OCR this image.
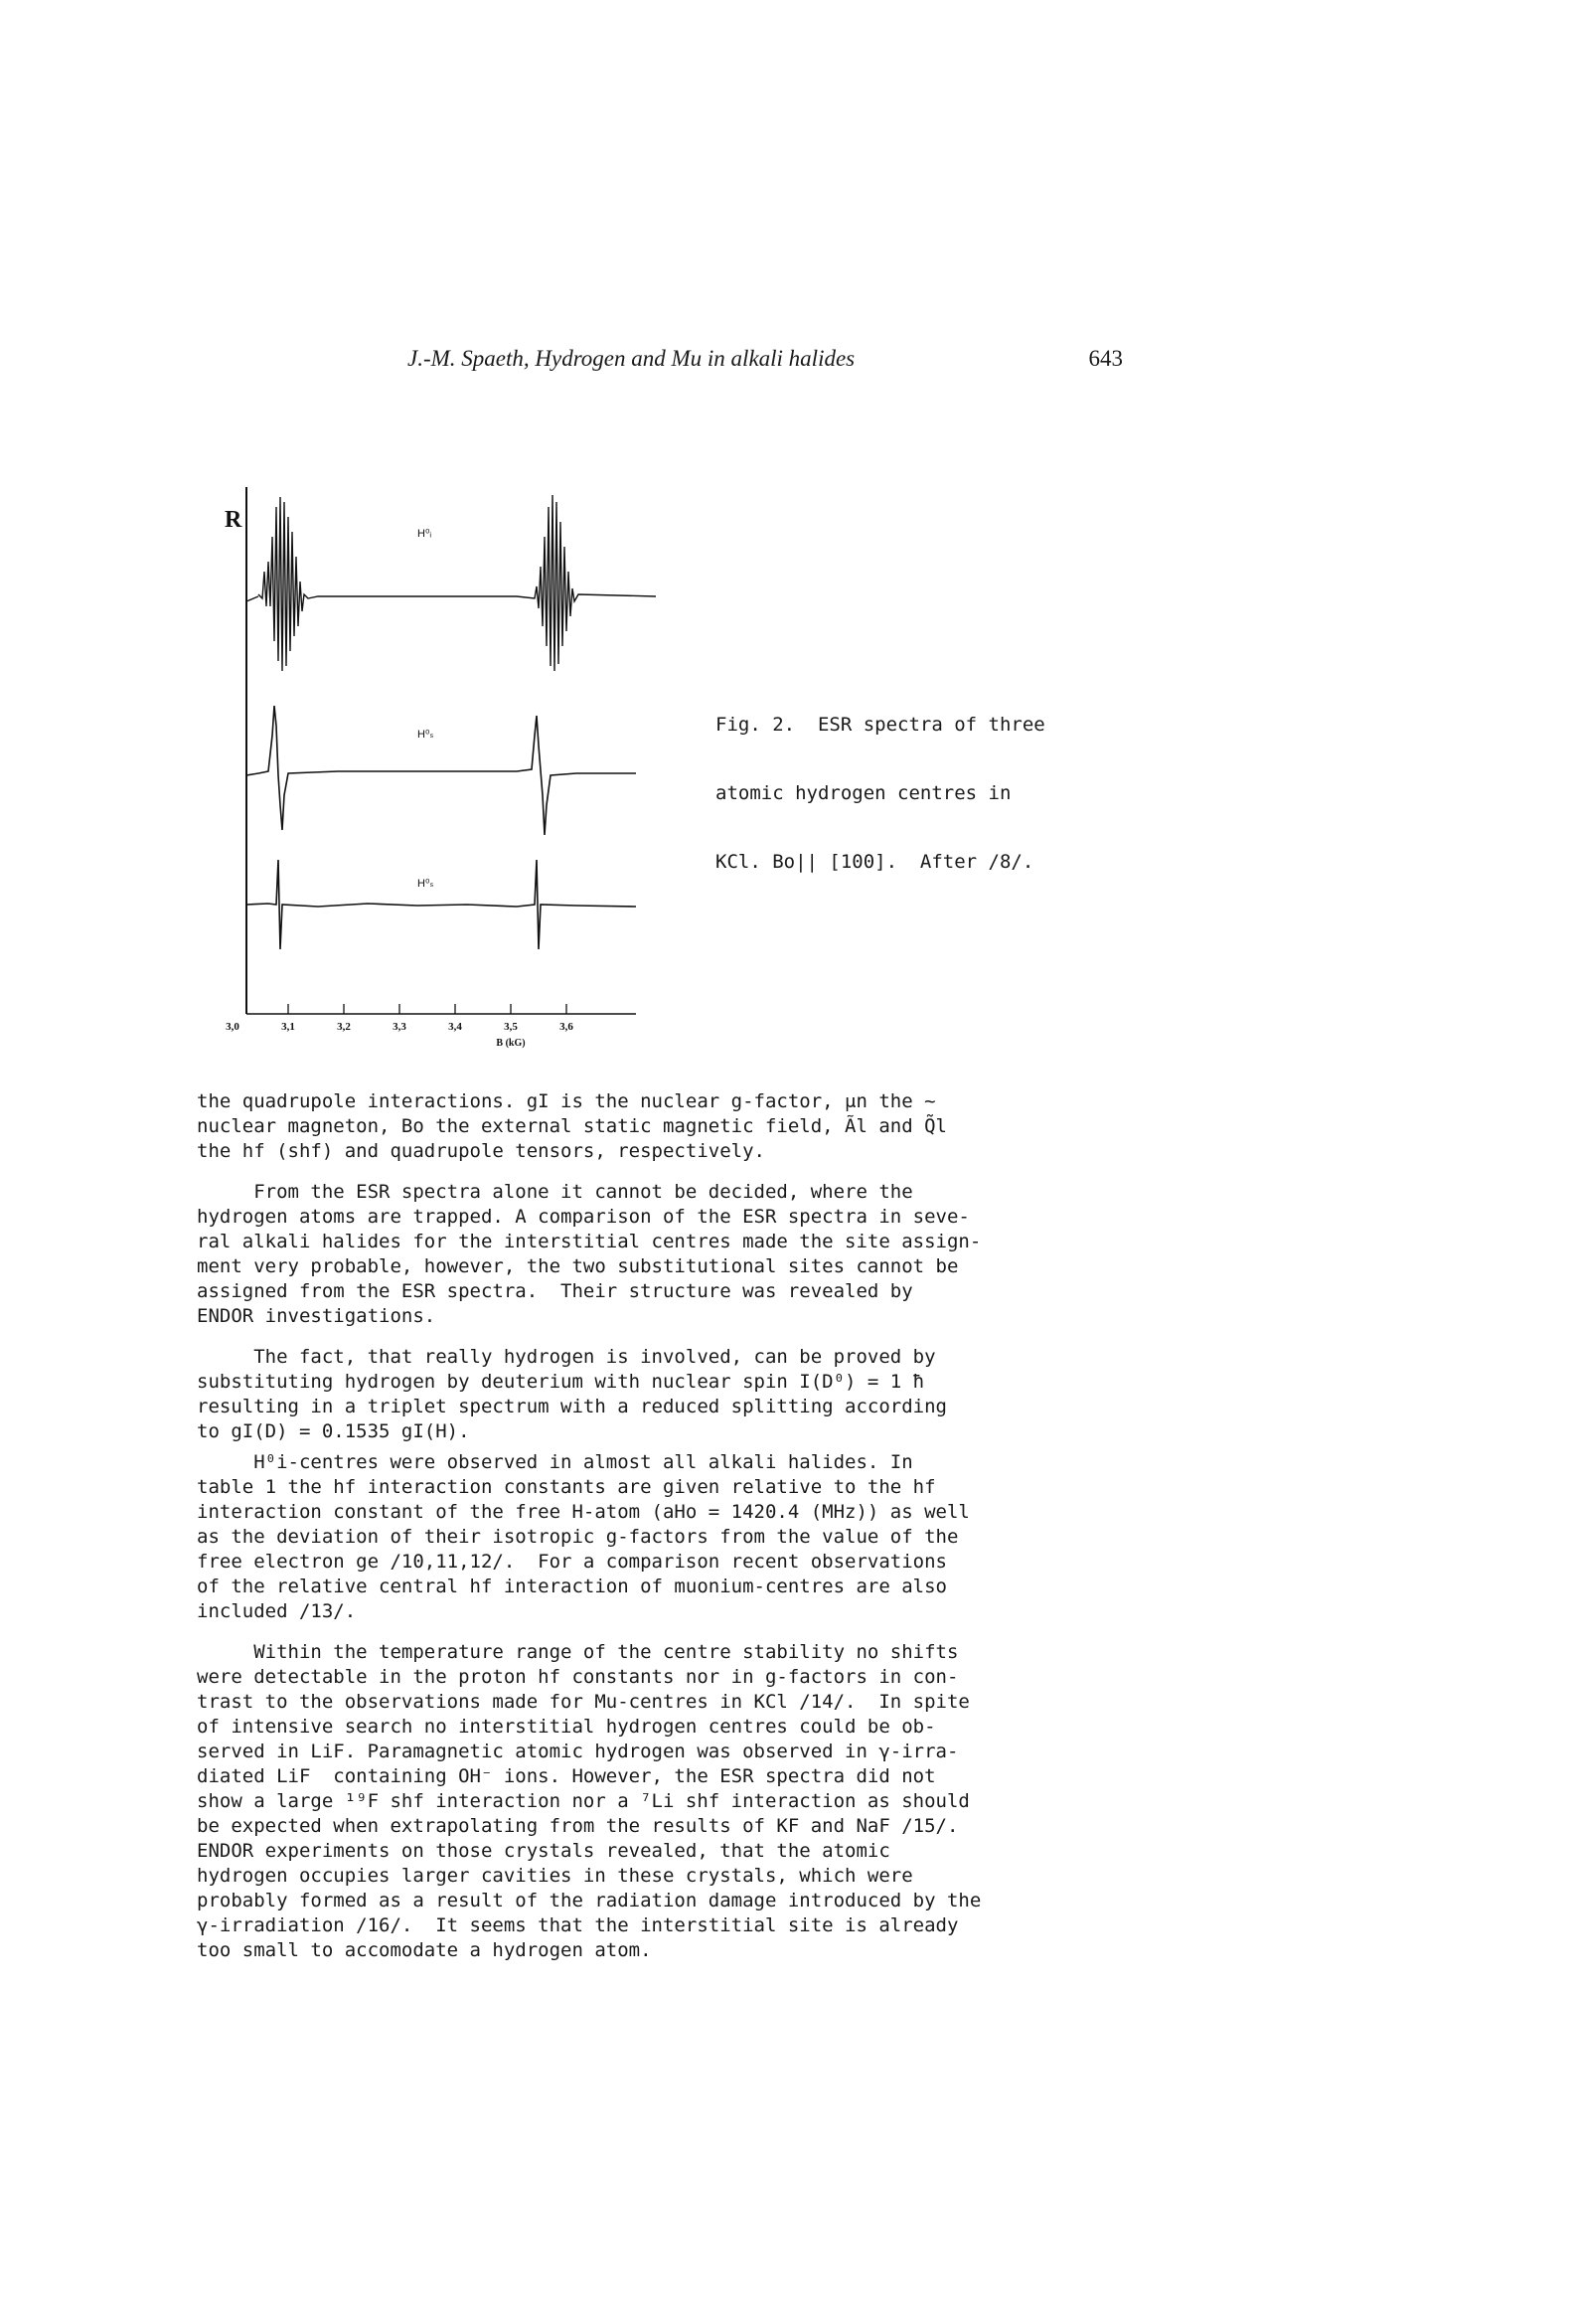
J.-M. Spaeth, Hydrogen and Mu in alkali halides	643
R
H⁰ᵢ
H⁰ₛ
H⁰ₛ
3,0	3,1	3,2	3,3	3,4	3,5	3,6
B (kG)

Fig. 2.  ESR spectra of three

atomic hydrogen centres in

KCl. Bo|| [100].  After /8/.

the quadrupole interactions. gI is the nuclear g-factor, μn the ~
nuclear magneton, Bo the external static magnetic field, Ãl and Q̃l
the hf (shf) and quadrupole tensors, respectively.

From the ESR spectra alone it cannot be decided, where the
hydrogen atoms are trapped. A comparison of the ESR spectra in seve-
ral alkali halides for the interstitial centres made the site assign-
ment very probable, however, the two substitutional sites cannot be
assigned from the ESR spectra.  Their structure was revealed by
ENDOR investigations.

The fact, that really hydrogen is involved, can be proved by
substituting hydrogen by deuterium with nuclear spin I(D⁰) = 1 ħ
resulting in a triplet spectrum with a reduced splitting according
to gI(D) = 0.1535 gI(H).

H⁰i-centres were observed in almost all alkali halides. In
table 1 the hf interaction constants are given relative to the hf
interaction constant of the free H-atom (aHo = 1420.4 (MHz)) as well
as the deviation of their isotropic g-factors from the value of the
free electron ge /10,11,12/.  For a comparison recent observations
of the relative central hf interaction of muonium-centres are also
included /13/.

Within the temperature range of the centre stability no shifts
were detectable in the proton hf constants nor in g-factors in con-
trast to the observations made for Mu-centres in KCl /14/.  In spite
of intensive search no interstitial hydrogen centres could be ob-
served in LiF. Paramagnetic atomic hydrogen was observed in γ-irra-
diated LiF  containing OH⁻ ions. However, the ESR spectra did not
show a large ¹⁹F shf interaction nor a ⁷Li shf interaction as should
be expected when extrapolating from the results of KF and NaF /15/.
ENDOR experiments on those crystals revealed, that the atomic
hydrogen occupies larger cavities in these crystals, which were
probably formed as a result of the radiation damage introduced by the
γ-irradiation /16/.  It seems that the interstitial site is already
too small to accomodate a hydrogen atom.
